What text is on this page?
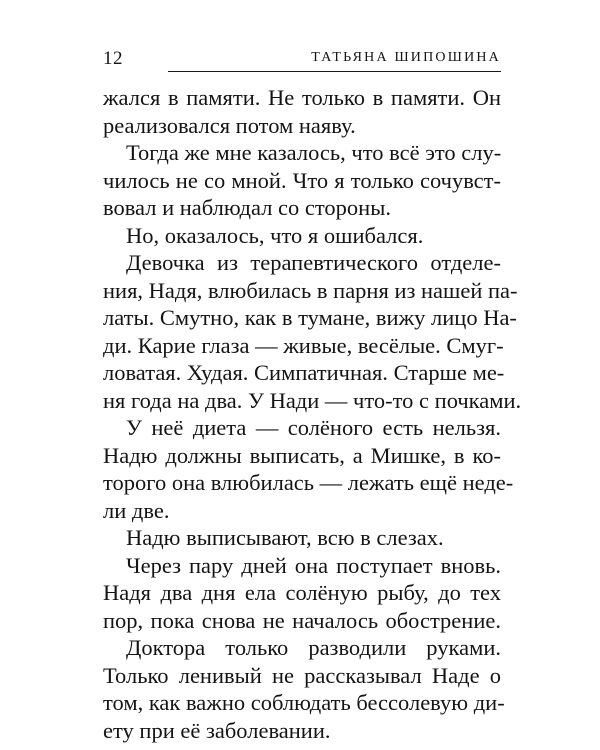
12	ТАТЬЯНА ШИПОШИНА
жался в памяти. Не только в памяти. Он
реализовался потом наяву.
Тогда же мне казалось, что всё это слу-
чилось не со мной. Что я только сочувст-
вовал и наблюдал со стороны.
Но, оказалось, что я ошибался.
Девочка из терапевтического отделе-
ния, Надя, влюбилась в парня из нашей па-
латы. Смутно, как в тумане, вижу лицо На-
ди. Карие глаза — живые, весёлые. Смуг-
ловатая. Худая. Симпатичная. Старше ме-
ня года на два. У Нади — что-то с почками.
У неё диета — солёного есть нельзя.
Надю должны выписать, а Мишке, в ко-
торого она влюбилась — лежать ещё неде-
ли две.
Надю выписывают, всю в слезах.
Через пару дней она поступает вновь.
Надя два дня ела солёную рыбу, до тех
пор, пока снова не началось обострение.
Доктора только разводили руками.
Только ленивый не рассказывал Наде о
том, как важно соблюдать бессолевую ди-
ету при её заболевании.
